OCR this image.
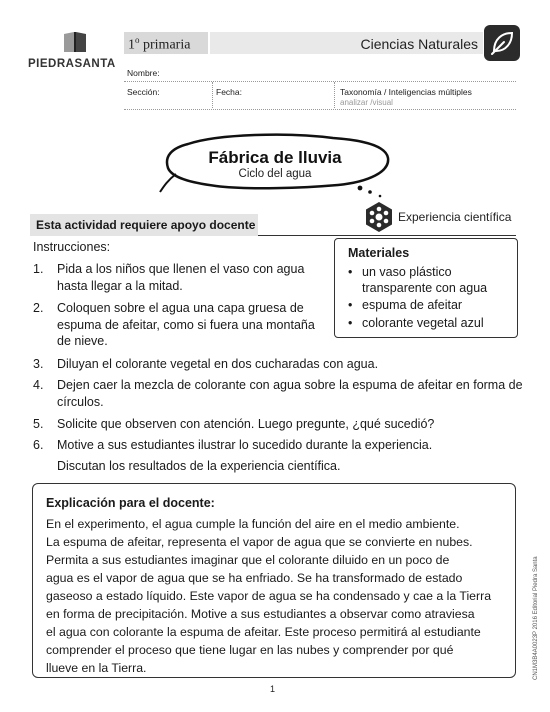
PIEDRASANTA
1$^o$ primaria	Ciencias Naturales
Nombre:
Sección:	Fecha:	Taxonomía / Inteligencias múltiples
analizar /visual
Fábrica de lluvia
Ciclo del agua
Esta actividad requiere apoyo docente
Experiencia científica
Instrucciones:
1. Pida a los niños que llenen el vaso con agua
hasta llegar a la mitad.
2. Coloquen sobre el agua una capa gruesa de
espuma de afeitar, como si fuera una montaña
de nieve.
3. Diluyan el colorante vegetal en dos cucharadas con agua.
4. Dejen caer la mezcla de colorante con agua sobre la espuma de afeitar en forma de
círculos.
5. Solicite que observen con atención. Luego pregunte, ¿qué sucedió?
6. Motive a sus estudiantes ilustrar lo sucedido durante la experiencia.
Discutan los resultados de la experiencia científica.
Materiales
• un vaso plástico
transparente con agua
• espuma de afeitar
• colorante vegetal azul
Explicación para el docente:
En el experimento, el agua cumple la función del aire en el medio ambiente.
La espuma de afeitar, representa el vapor de agua que se convierte en nubes.
Permita a sus estudiantes imaginar que el colorante diluido en un poco de
agua es el vapor de agua que se ha enfriado. Se ha transformado de estado
gaseoso a estado líquido. Este vapor de agua se ha condensado y cae a la Tierra
en forma de precipitación. Motive a sus estudiantes a observar como atraviesa
el agua con colorante la espuma de afeitar. Este proceso permitirá al estudiante
comprender el proceso que tiene lugar en las nubes y comprender por qué
llueve en la Tierra.	CN1M3B4A0023P 2016 Editorial Piedra Santa
1
